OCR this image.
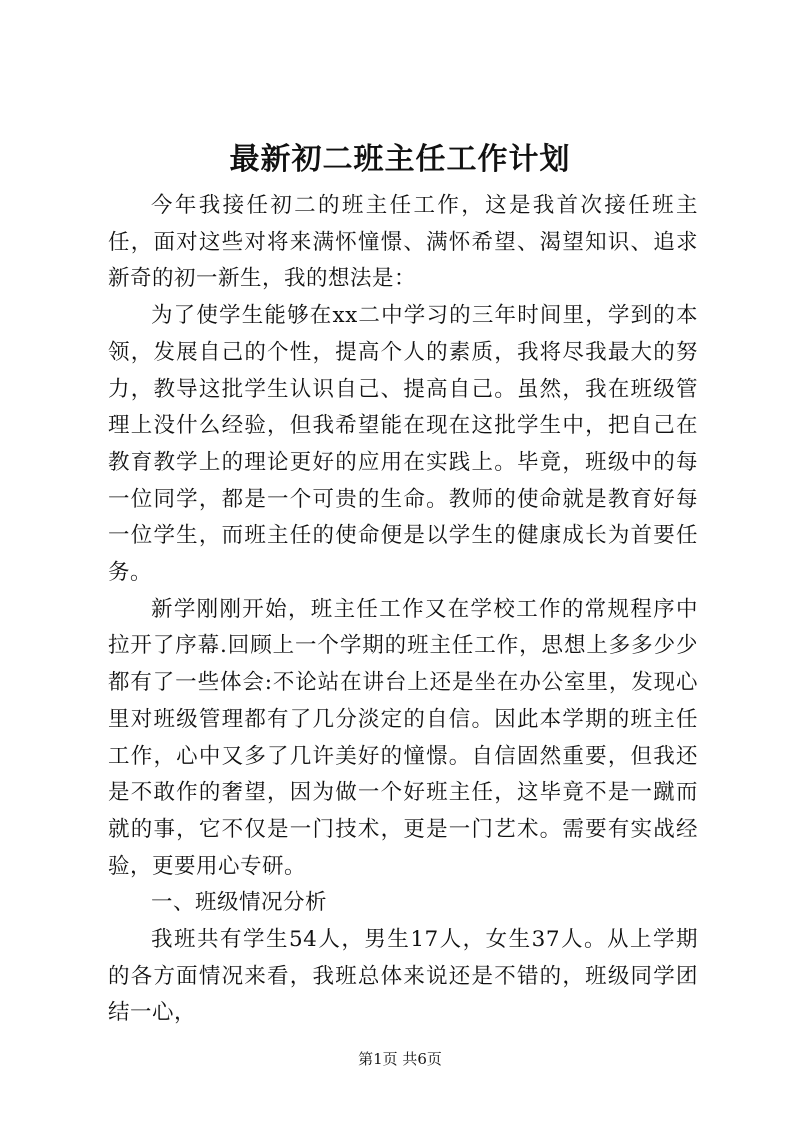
最新初二班主任工作计划

今年我接任初二的班主任工作，这是我首次接任班主任，面对这些对将来满怀憧憬、满怀希望、渴望知识、追求新奇的初一新生，我的想法是：

为了使学生能够在xx二中学习的三年时间里，学到的本领，发展自己的个性，提高个人的素质，我将尽我最大的努力，教导这批学生认识自己、提高自己。虽然，我在班级管理上没什么经验，但我希望能在现在这批学生中，把自己在教育教学上的理论更好的应用在实践上。毕竟，班级中的每一位同学，都是一个可贵的生命。教师的使命就是教育好每一位学生，而班主任的使命便是以学生的健康成长为首要任务。

新学刚刚开始，班主任工作又在学校工作的常规程序中拉开了序幕.回顾上一个学期的班主任工作，思想上多多少少都有了一些体会:不论站在讲台上还是坐在办公室里，发现心里对班级管理都有了几分淡定的自信。因此本学期的班主任工作，心中又多了几许美好的憧憬。自信固然重要，但我还是不敢作的奢望，因为做一个好班主任，这毕竟不是一蹴而就的事，它不仅是一门技术，更是一门艺术。需要有实战经验，更要用心专研。

一、班级情况分析

我班共有学生54人，男生17人，女生37人。从上学期的各方面情况来看，我班总体来说还是不错的，班级同学团结一心，

第1页 共6页
